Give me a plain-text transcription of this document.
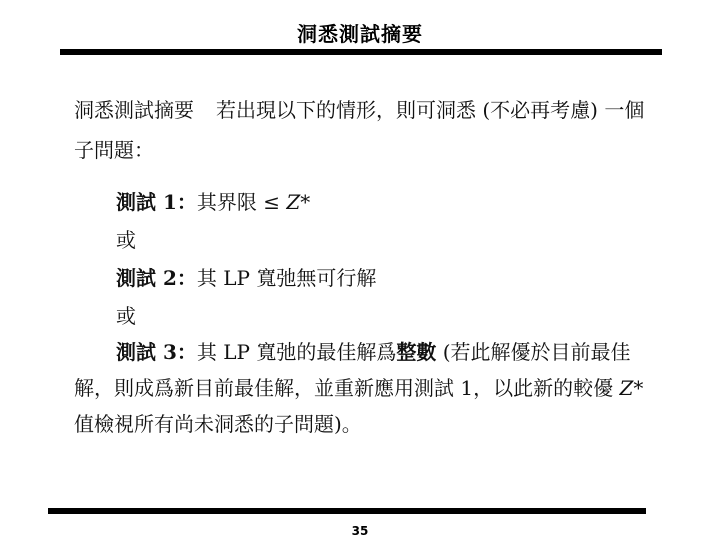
洞悉測試摘要
洞悉測試摘要 若出現以下的情形，則可洞悉 (不必再考慮) 一個
子問題：
測試 1：其界限 ≤ Z*
或
測試 2：其 LP 寬弛無可行解
或
測試 3：其 LP 寬弛的最佳解爲整數 (若此解優於目前最佳
解，則成爲新目前最佳解，並重新應用測試 1，以此新的較優 Z*
值檢視所有尚未洞悉的子問題)。
35
